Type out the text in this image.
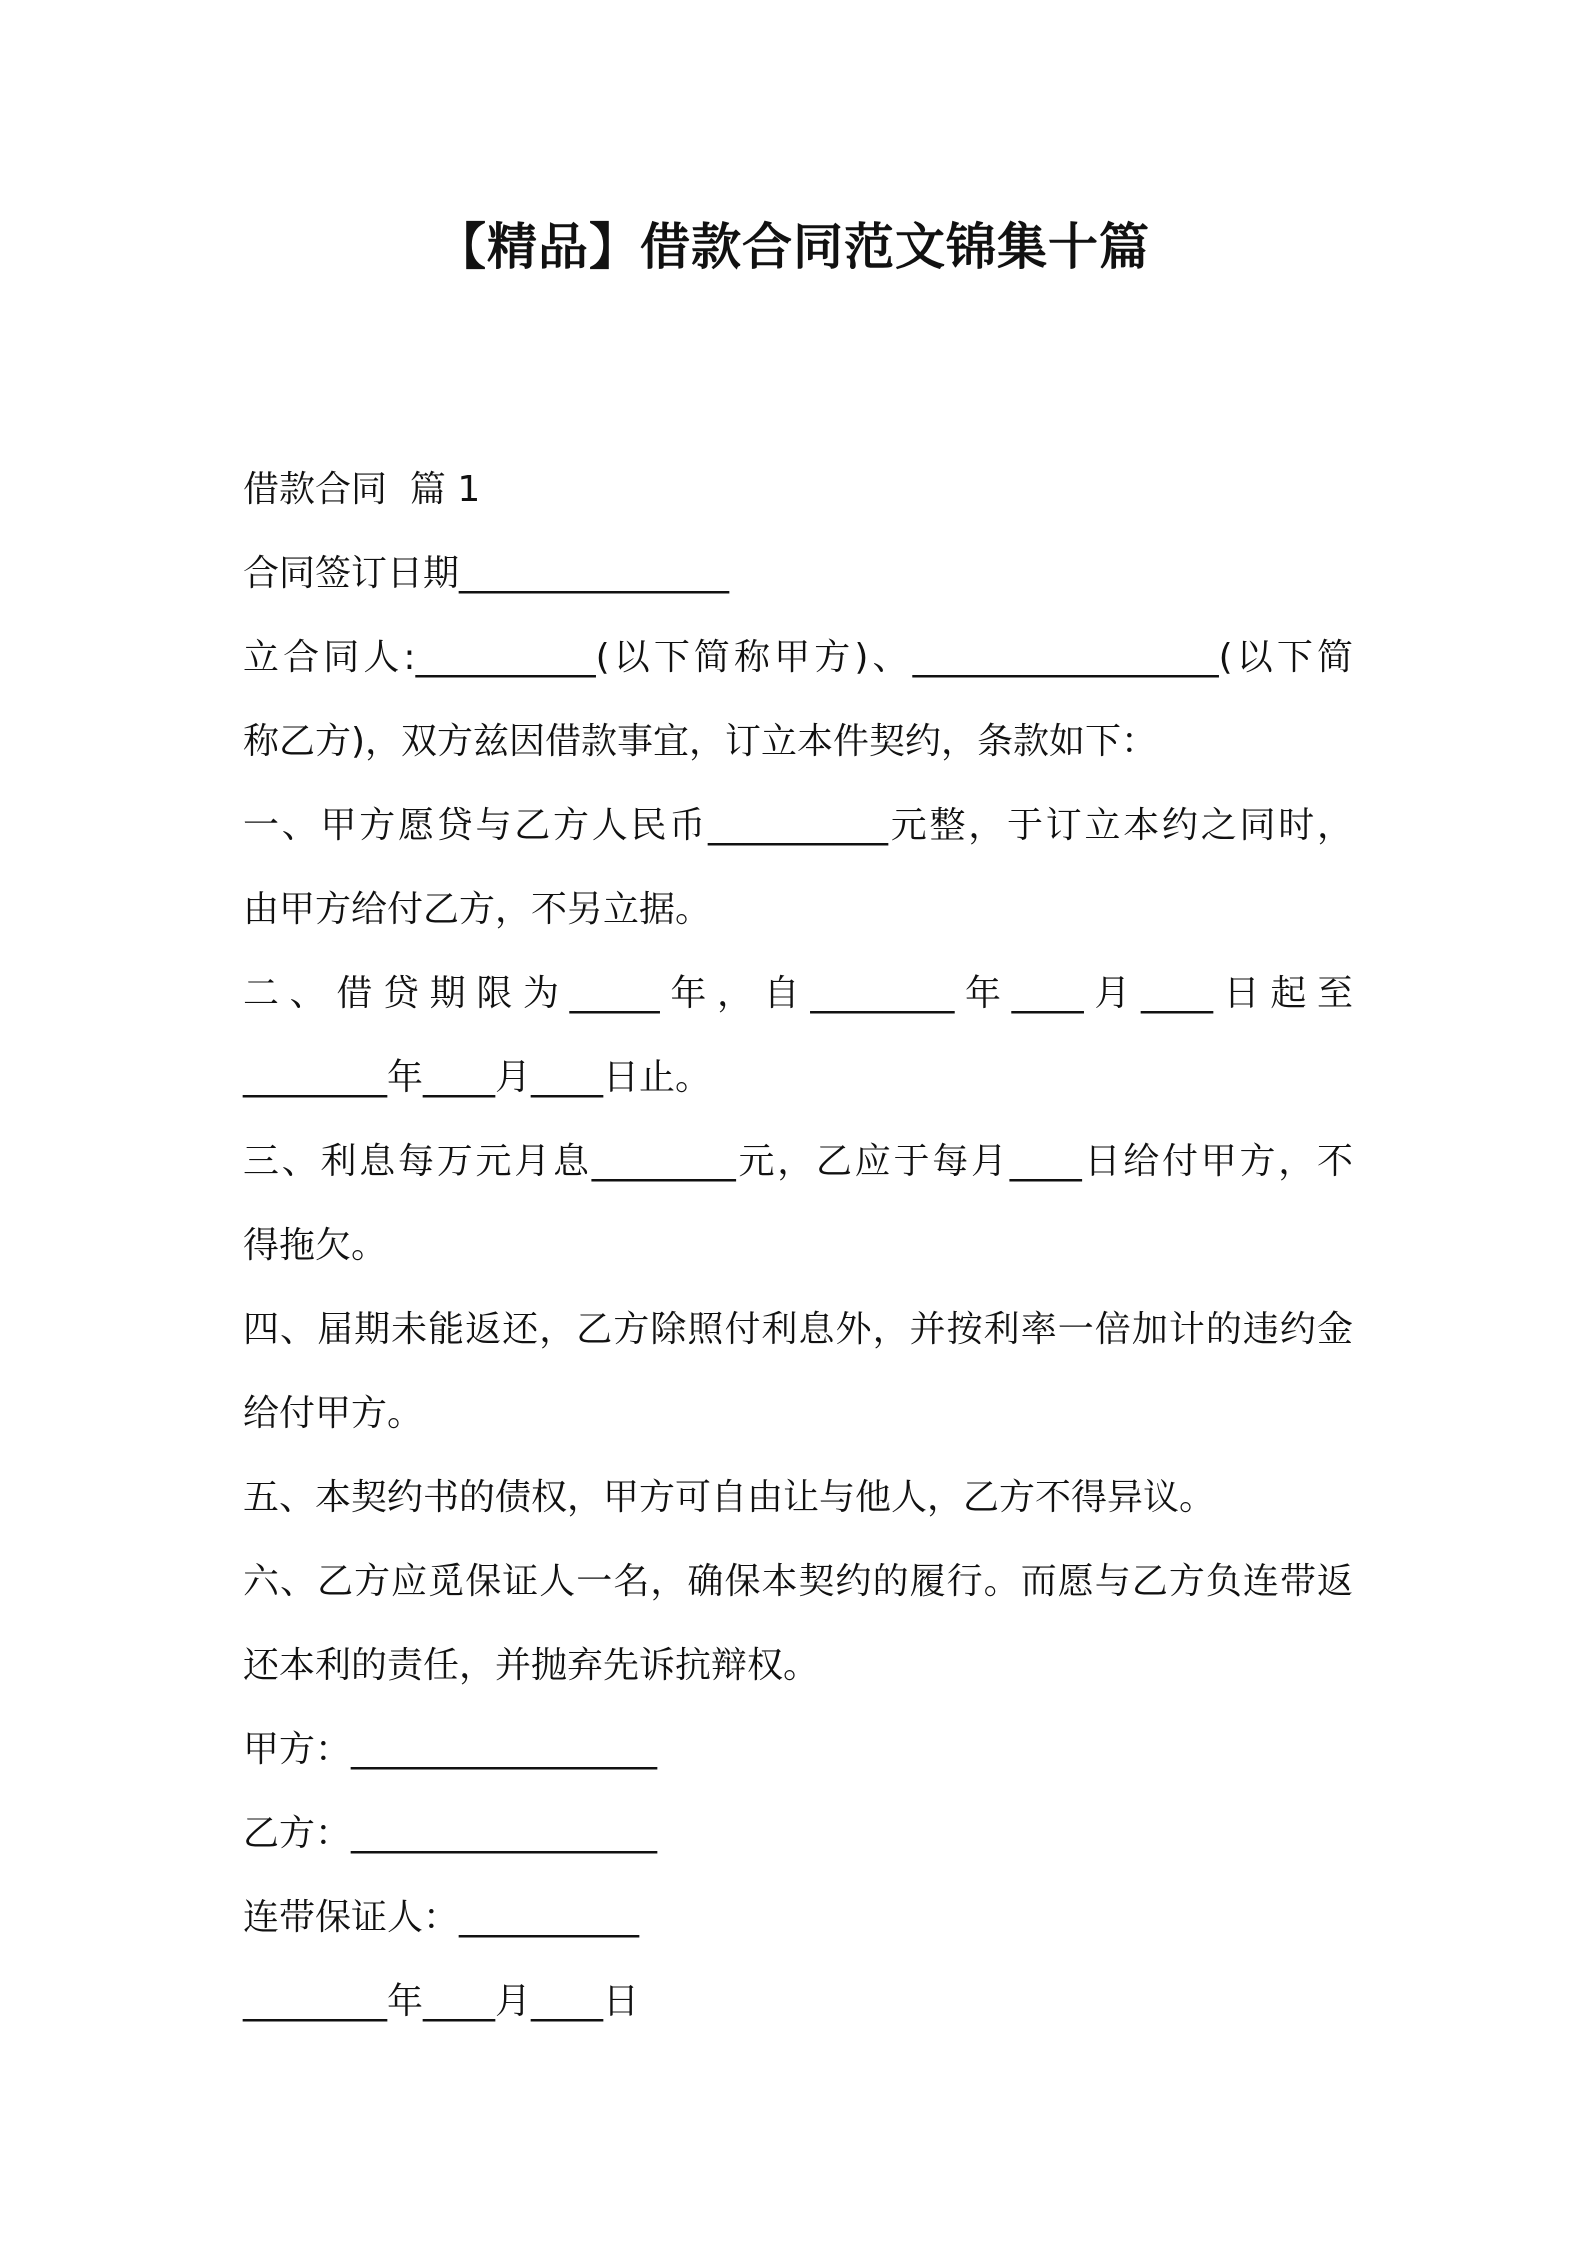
【精品】借款合同范文锦集十篇

借款合同  篇 1

合同签订日期_______________

立合同人:__________(以下简称甲方)、_________________(以下简

称乙方)，双方兹因借款事宜，订立本件契约，条款如下：

一、甲方愿贷与乙方人民币__________元整，于订立本约之同时，

由甲方给付乙方，不另立据。

二、借贷期限为_____年，自________年____月____日起至

________年____月____日止。

三、利息每万元月息________元，乙应于每月____日给付甲方，不

得拖欠。

四、届期未能返还，乙方除照付利息外，并按利率一倍加计的违约金

给付甲方。

五、本契约书的债权，甲方可自由让与他人，乙方不得异议。

六、乙方应觅保证人一名，确保本契约的履行。而愿与乙方负连带返

还本利的责任，并抛弃先诉抗辩权。

甲方：_________________

乙方：_________________

连带保证人：__________

________年____月____日
